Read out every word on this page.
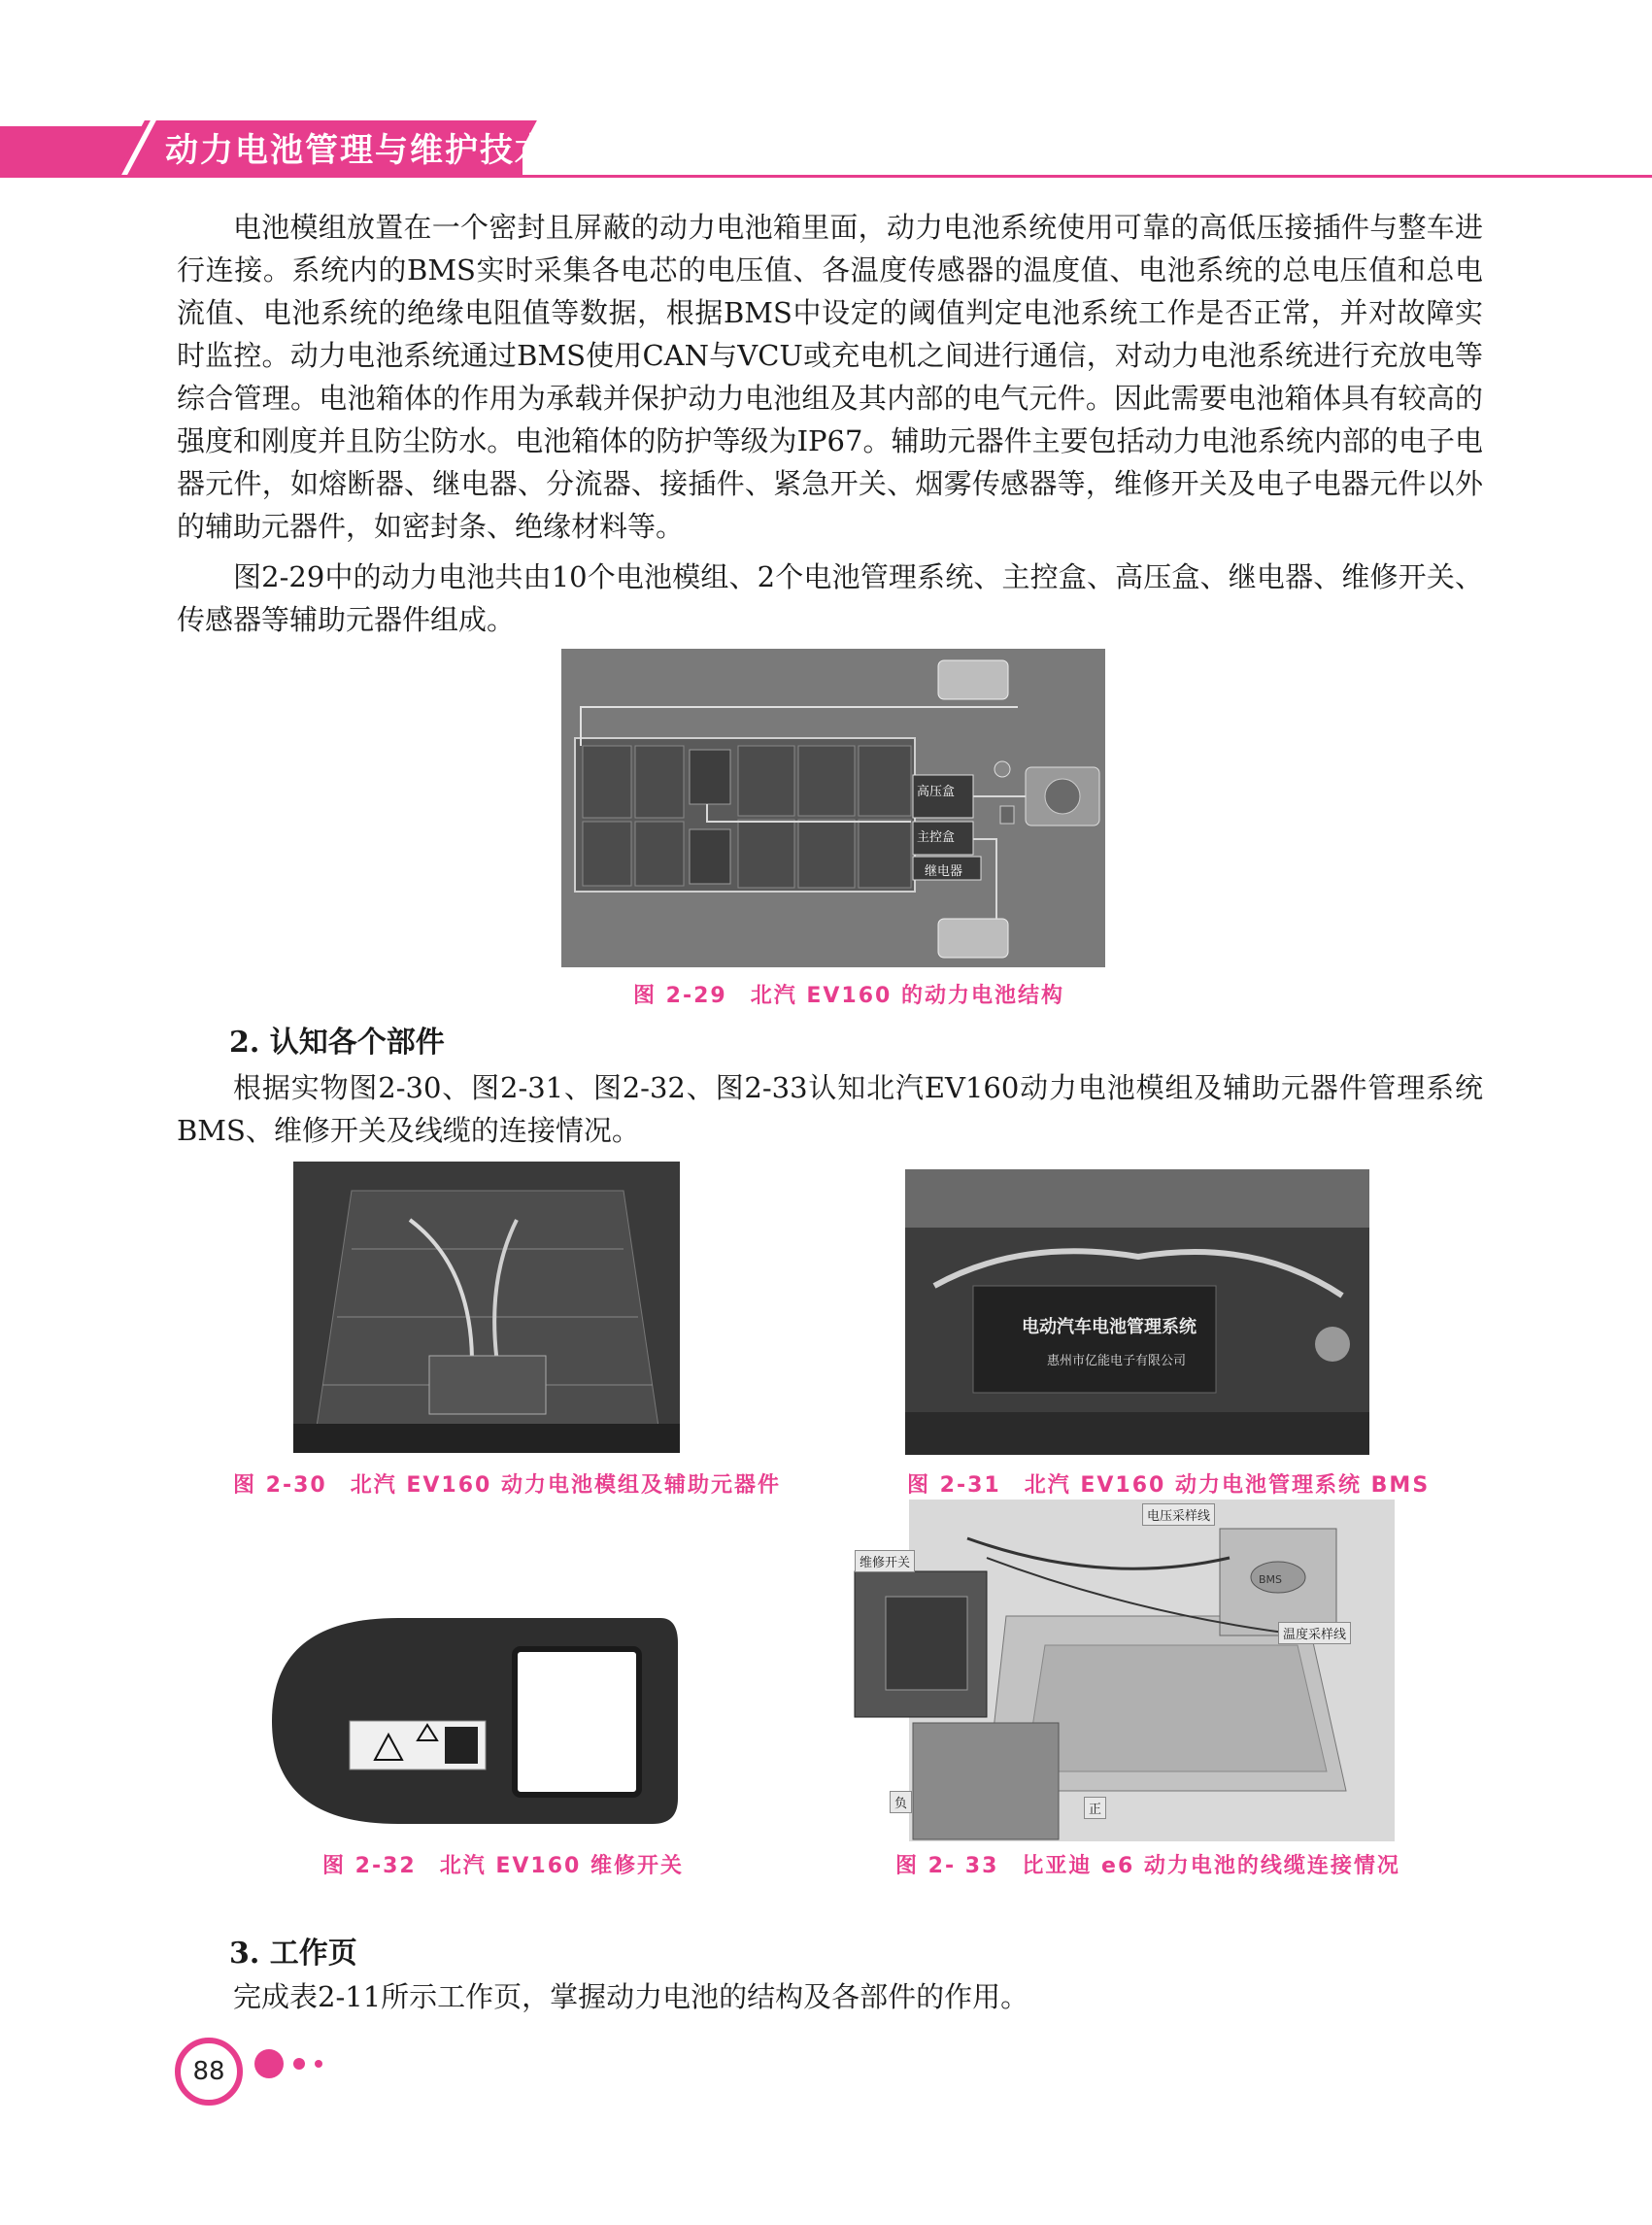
动力电池管理与维护技术

电池模组放置在一个密封且屏蔽的动力电池箱里面，动力电池系统使用可靠的高低压接插件与整车进行连接。系统内的BMS实时采集各电芯的电压值、各温度传感器的温度值、电池系统的总电压值和总电流值、电池系统的绝缘电阻值等数据，根据BMS中设定的阈值判定电池系统工作是否正常，并对故障实时监控。动力电池系统通过BMS使用CAN与VCU或充电机之间进行通信，对动力电池系统进行充放电等综合管理。电池箱体的作用为承载并保护动力电池组及其内部的电气元件。因此需要电池箱体具有较高的强度和刚度并且防尘防水。电池箱体的防护等级为IP67。辅助元器件主要包括动力电池系统内部的电子电器元件，如熔断器、继电器、分流器、接插件、紧急开关、烟雾传感器等，维修开关及电子电器元件以外的辅助元器件，如密封条、绝缘材料等。

图2-29中的动力电池共由10个电池模组、2个电池管理系统、主控盒、高压盒、继电器、维修开关、传感器等辅助元器件组成。

高压盒
主控盒
继电器
图 2-29　北汽 EV160 的动力电池结构
2. 认知各个部件

根据实物图2-30、图2-31、图2-32、图2-33认知北汽EV160动力电池模组及辅助元器件管理系统BMS、维修开关及线缆的连接情况。

图 2-30　北汽 EV160 动力电池模组及辅助元器件
电动汽车电池管理系统
惠州市亿能电子有限公司
图 2-31　北汽 EV160 动力电池管理系统 BMS
图 2-32　北汽 EV160 维修开关
电压采样线
BMS
温度采样线
维修开关
负	正
图 2- 33　比亚迪 e6 动力电池的线缆连接情况
3. 工作页

完成表2-11所示工作页，掌握动力电池的结构及各部件的作用。

88
